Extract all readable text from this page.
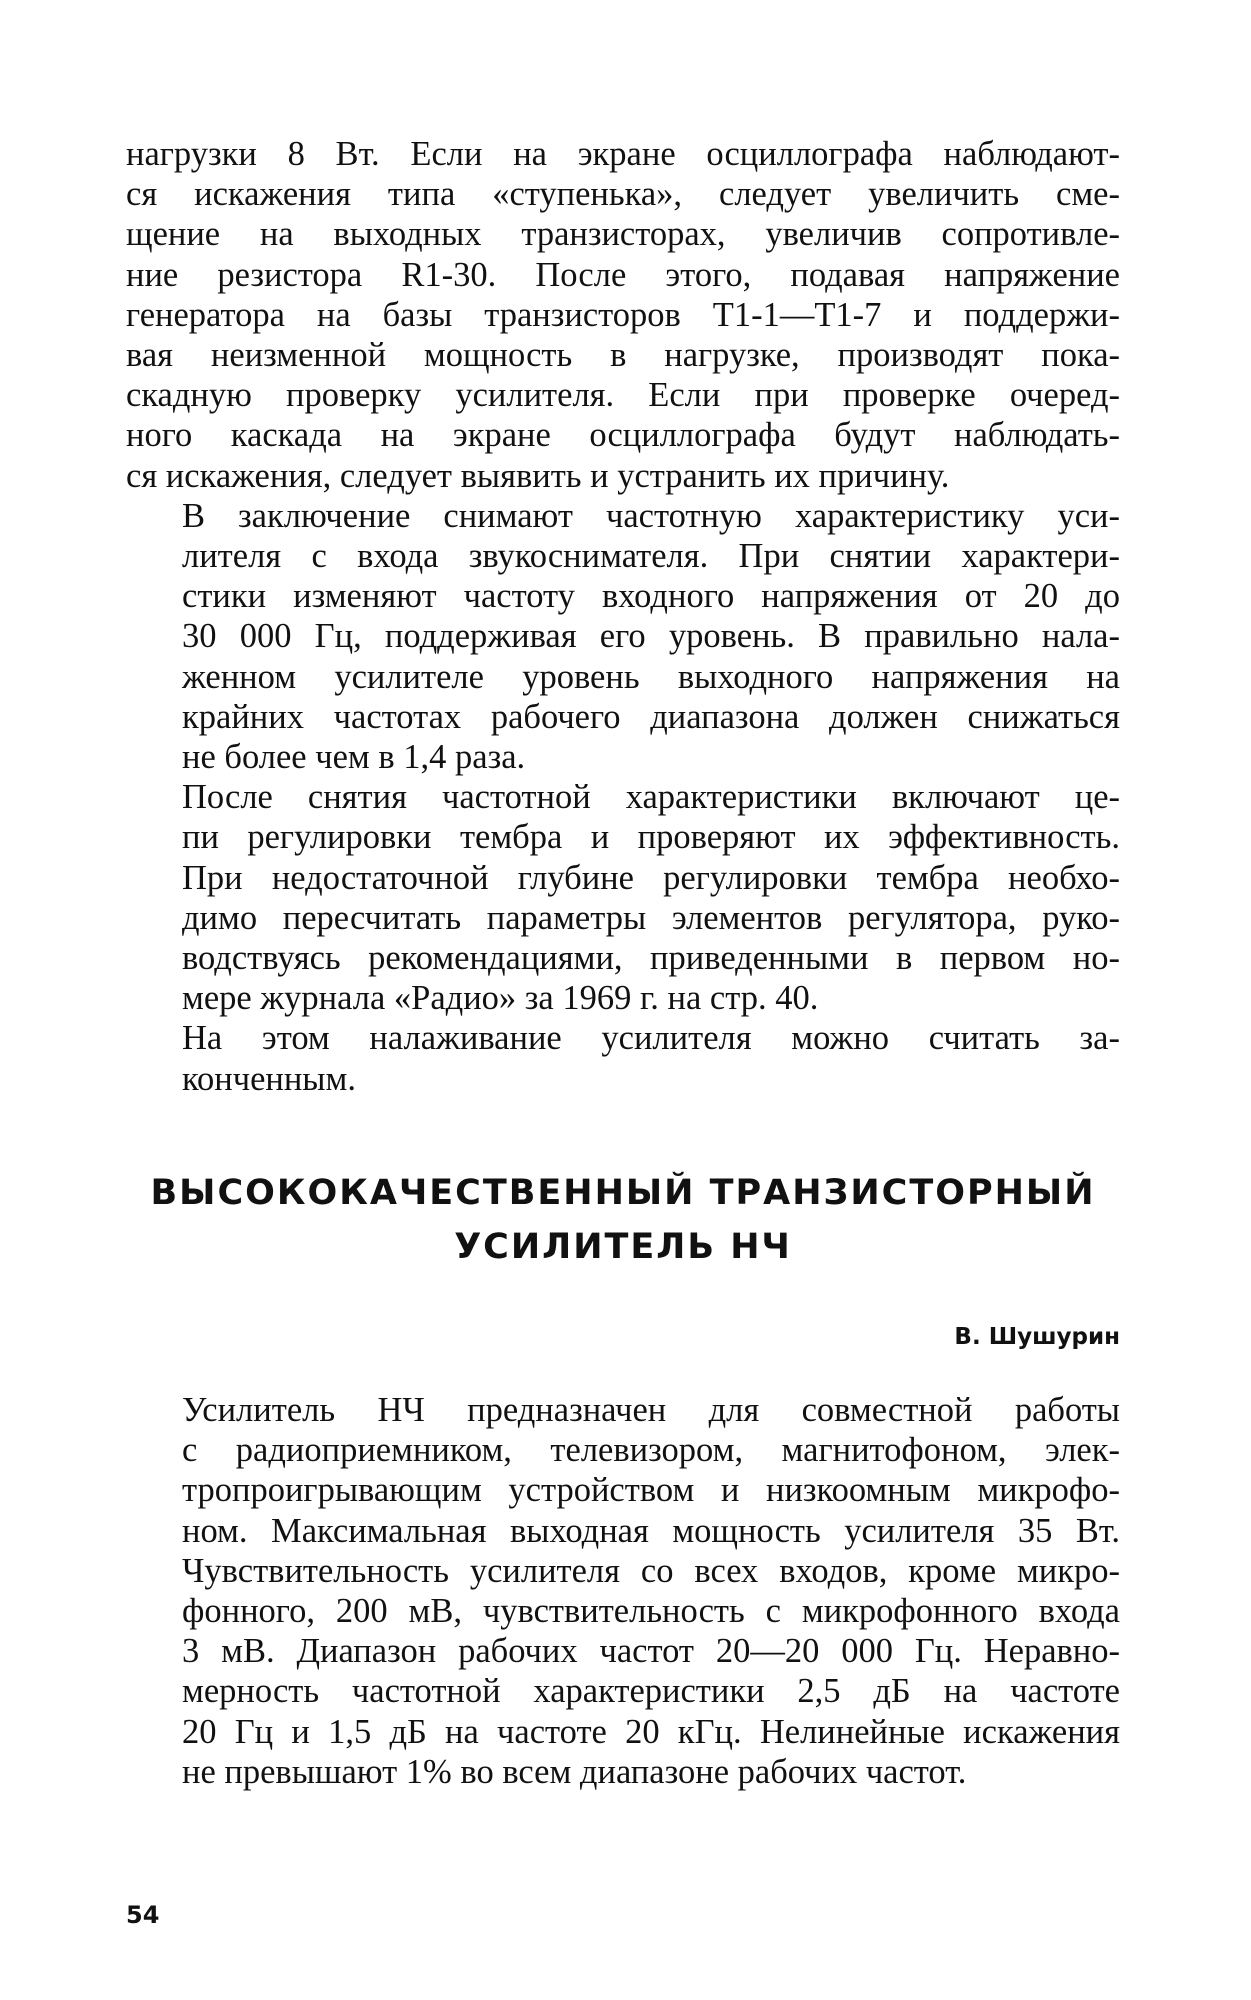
нагрузки 8 Вт. Если на экране осциллографа наблюдают-
ся искажения типа «ступенька», следует увеличить сме-
щение на выходных транзисторах, увеличив сопротивле-
ние резистора R1-30. После этого, подавая напряжение
генератора на базы транзисторов T1-1—T1-7 и поддержи-
вая неизменной мощность в нагрузке, производят пока-
скадную проверку усилителя. Если при проверке очеред-
ного каскада на экране осциллографа будут наблюдать-
ся искажения, следует выявить и устранить их причину.

В заключение снимают частотную характеристику уси-
лителя с входа звукоснимателя. При снятии характери-
стики изменяют частоту входного напряжения от 20 до
30 000 Гц, поддерживая его уровень. В правильно нала-
женном усилителе уровень выходного напряжения на
крайних частотах рабочего диапазона должен снижаться
не более чем в 1,4 раза.

После снятия частотной характеристики включают це-
пи регулировки тембра и проверяют их эффективность.
При недостаточной глубине регулировки тембра необхо-
димо пересчитать параметры элементов регулятора, руко-
водствуясь рекомендациями, приведенными в первом но-
мере журнала «Радио» за 1969 г. на стр. 40.

На этом налаживание усилителя можно считать за-
конченным.

ВЫСОКОКАЧЕСТВЕННЫЙ ТРАНЗИСТОРНЫЙ
УСИЛИТЕЛЬ НЧ
В. Шушурин

Усилитель НЧ предназначен для совместной работы
с радиоприемником, телевизором, магнитофоном, элек-
тропроигрывающим устройством и низкоомным микрофо-
ном. Максимальная выходная мощность усилителя 35 Вт.
Чувствительность усилителя со всех входов, кроме микро-
фонного, 200 мВ, чувствительность с микрофонного входа
3 мВ. Диапазон рабочих частот 20—20 000 Гц. Неравно-
мерность частотной характеристики 2,5 дБ на частоте
20 Гц и 1,5 дБ на частоте 20 кГц. Нелинейные искажения
не превышают 1% во всем диапазоне рабочих частот.

54
